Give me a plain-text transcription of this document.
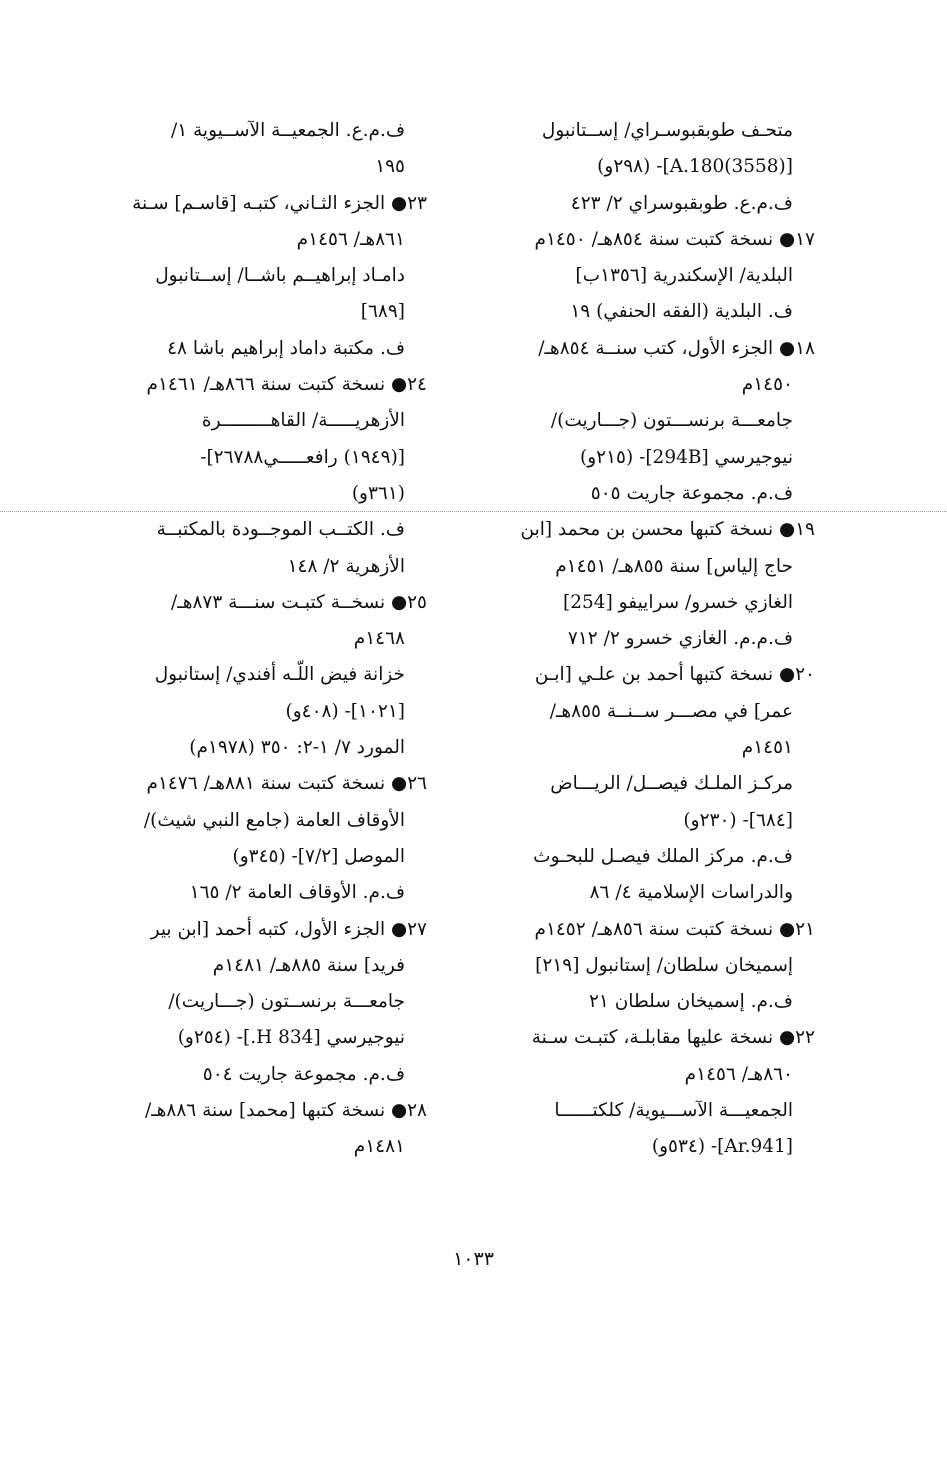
متحـف طوبقبوسـراي/ إســتانبول
[A.180(3558)]- (٢٩٨و)
ف.م.ع. طوبقبوسراي ٢/ ٤٢٣
١٧● نسخة كتبت سنة ٨٥٤هـ/ ١٤٥٠م
البلدية/ الإسكندرية [١٣٥٦ب]
ف. البلدية (الفقه الحنفي) ١٩
١٨● الجزء الأول، كتب سنــة ٨٥٤هـ/
١٤٥٠م
جامعـــة برنســـتون (جـــاريت)/
نيوجيرسي [294B]- (٢١٥و)
ف.م. مجموعة جاريت ٥٠٥
١٩● نسخة كتبها محسن بن محمد [ابن
حاج إلياس] سنة ٨٥٥هـ/ ١٤٥١م
الغازي خسرو/ سراييفو [254]
ف.م.م. الغازي خسرو ٢/ ٧١٢
٢٠● نسخة كتبها أحمد بن علـي [ابـن
عمر] في مصـــر ســنــة ٨٥٥هـ/
١٤٥١م
مركـز الملـك فيصــل/ الريـــاض
[٦٨٤]- (٢٣٠و)
ف.م. مركز الملك فيصـل للبحـوث
والدراسات الإسلامية ٤/ ٨٦
٢١● نسخة كتبت سنة ٨٥٦هـ/ ١٤٥٢م
إسميخان سلطان/ إستانبول [٢١٩]
ف.م. إسميخان سلطان ٢١
٢٢● نسخة عليها مقابلـة، كتبـت سـنة
٨٦٠هـ/ ١٤٥٦م
الجمعيـــة الآســـيوية/ كلكتــــــا
[Ar.941]- (٥٣٤و)
ف.م.ع. الجمعيــة الآســيوية ١/
١٩٥
٢٣● الجزء الثـاني، كتبـه [قاسـم] سـنة
٨٦١هـ/ ١٤٥٦م
دامـاد إبراهيــم باشــا/ إســتانبول
[٦٨٩]
ف. مكتبة داماد إبراهيم باشا ٤٨
٢٤● نسخة كتبت سنة ٨٦٦هـ/ ١٤٦١م
الأزهريـــــة/ القاهـــــــــرة
[(١٩٤٩) رافعـــــي٢٦٧٨٨]-
(٣٦١و)
ف. الكتــب الموجــودة بالمكتبــة
الأزهرية ٢/ ١٤٨
٢٥● نسخــة كتبـت سنـــة ٨٧٣هـ/
١٤٦٨م
خزانة فيض اللّـه أفندي/ إستانبول
[١٠٢١]- (٤٠٨و)
المورد ٧/ ١-٢: ٣٥٠ (١٩٧٨م)
٢٦● نسخة كتبت سنة ٨٨١هـ/ ١٤٧٦م
الأوقاف العامة (جامع النبي شيث)/
الموصل [٧/٢]- (٣٤٥و)
ف.م. الأوقاف العامة ٢/ ١٦٥
٢٧● الجزء الأول، كتبه أحمد [ابن بير
فريد] سنة ٨٨٥هـ/ ١٤٨١م
جامعـــة برنســتون (جـــاريت)/
نيوجيرسي [834 H.]- (٢٥٤و)
ف.م. مجموعة جاريت ٥٠٤
٢٨● نسخة كتبها [محمد] سنة ٨٨٦هـ/
١٤٨١م
١٠٣٣
